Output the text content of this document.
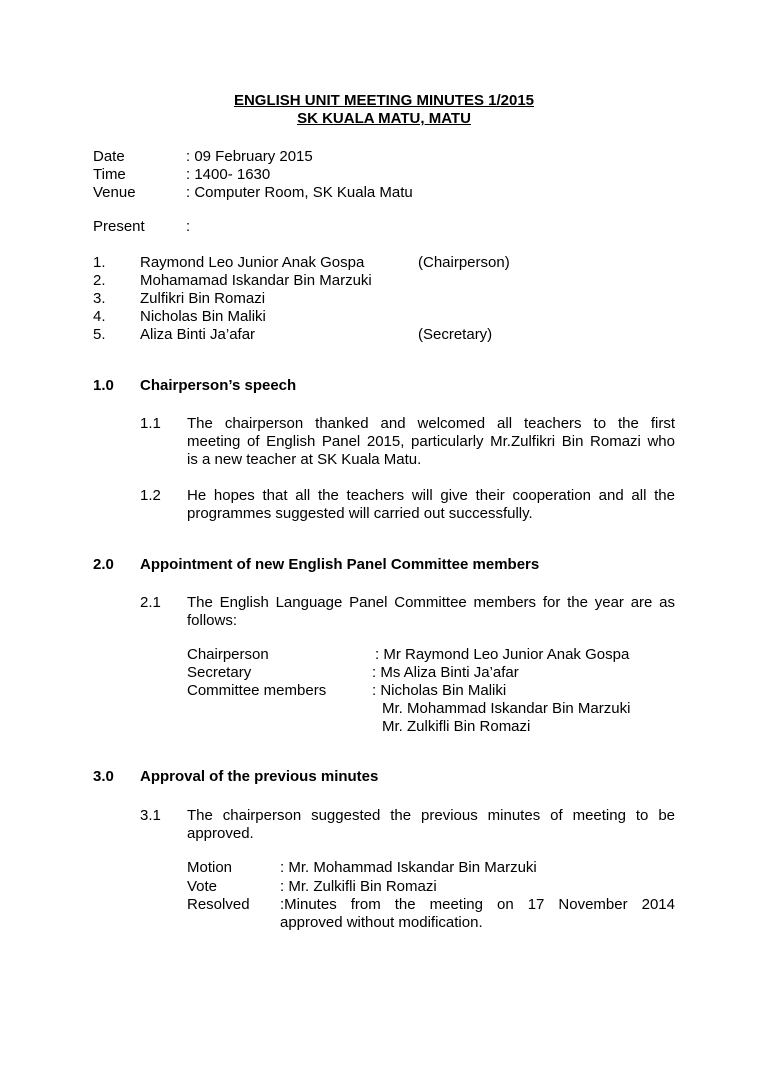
ENGLISH UNIT MEETING MINUTES 1/2015
SK KUALA MATU, MATU
Date	: 09 February 2015
Time	: 1400- 1630
Venue	: Computer Room, SK Kuala Matu
Present	:
1. Raymond Leo Junior Anak Gospa	(Chairperson)
2. Mohamamad Iskandar Bin Marzuki
3. Zulfikri Bin Romazi
4. Nicholas Bin Maliki
5. Aliza Binti Ja’afar	(Secretary)
1.0 Chairperson’s speech
1.1 The chairperson thanked and welcomed all teachers to the first
meeting of English Panel 2015, particularly Mr.Zulfikri Bin Romazi who
is a new teacher at SK Kuala Matu.
1.2 He hopes that all the teachers will give their cooperation and all the
programmes suggested will carried out successfully.
2.0 Appointment of new English Panel Committee members
2.1 The English Language Panel Committee members for the year are as
follows:
Chairperson	: Mr Raymond Leo Junior Anak Gospa
Secretary	: Ms Aliza Binti Ja’afar
Committee members	: Nicholas Bin Maliki
Mr. Mohammad Iskandar Bin Marzuki
Mr. Zulkifli Bin Romazi
3.0 Approval of the previous minutes
3.1 The chairperson suggested the previous minutes of meeting to be
approved.
Motion	: Mr. Mohammad Iskandar Bin Marzuki
Vote	: Mr. Zulkifli Bin Romazi
Resolved :Minutes from the meeting on 17 November 2014
approved without modification.
